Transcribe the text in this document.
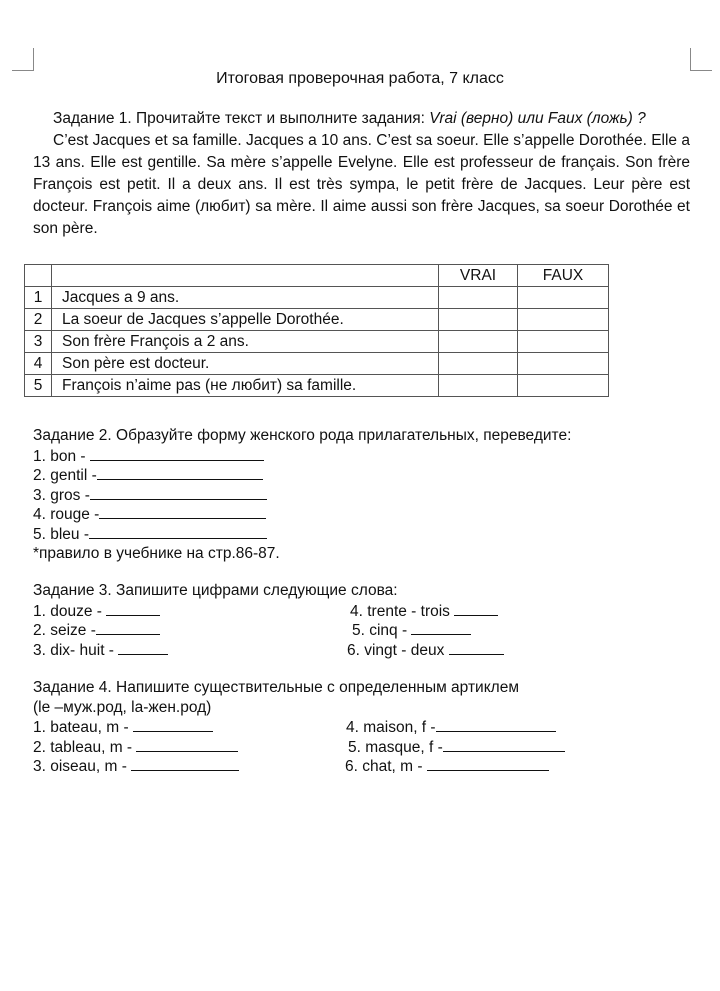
Итоговая проверочная работа, 7 класс
Задание 1. Прочитайте текст и выполните задания: Vrai (верно) или Faux (ложь) ?

C’est Jacques et sa famille. Jacques a 10 ans. C’est sa soeur. Elle s’appelle Dorothée. Elle a 13 ans. Elle est gentille. Sa mère s’appelle Evelyne. Elle est professeur de français. Son frère François est petit. Il a deux ans. Il est très sympa, le petit frère de Jacques. Leur père est docteur. François aime (любит) sa mère. Il aime aussi son frère Jacques, sa soeur Dorothée et son père.

		VRAI	FAUX
1	Jacques a 9 ans.		
2	La soeur de Jacques s’appelle Dorothée.		
3	Son frère François a 2 ans.		
4	Son père est docteur.		
5	François n’aime pas (не любит) sa famille.		
Задание 2. Образуйте форму женского рода прилагательных, переведите:
1. bon -
2. gentil -
3. gros -
4. rouge -
5. bleu -
*правило в учебнике на стр.86-87.
Задание 3. Запишите цифрами следующие слова:
1. douze -	4. trente - trois
2. seize -	5. cinq -
3. dix- huit -	6. vingt - deux
Задание 4. Напишите существительные с определенным артиклем
(le –муж.род, la-жен.род)
1. bateau, m -	4. maison, f -
2. tableau, m -	5. masque, f -
3. oiseau, m -	6. chat, m -
